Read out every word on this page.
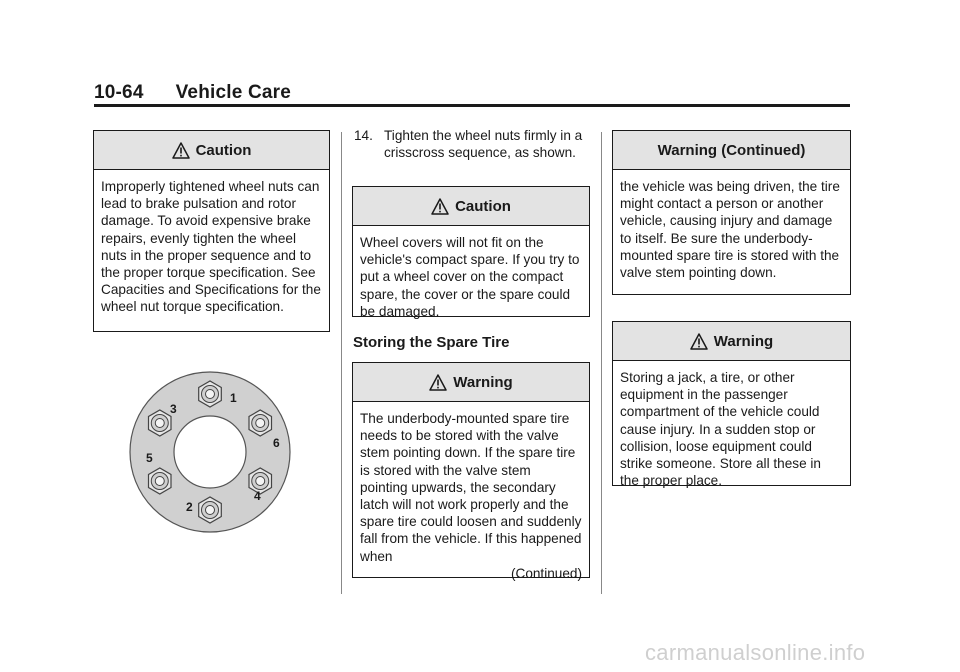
10-64 Vehicle Care
Caution
Improperly tightened wheel nuts can lead to brake pulsation and rotor damage. To avoid expensive brake repairs, evenly tighten the wheel nuts in the proper sequence and to the proper torque specification. See Capacities and Specifications for the wheel nut torque specification.
1
2
3
4
5
6
14. Tighten the wheel nuts firmly in a crisscross sequence, as shown.
Caution
Wheel covers will not fit on the vehicle's compact spare. If you try to put a wheel cover on the compact spare, the cover or the spare could be damaged.
Storing the Spare Tire
Warning
The underbody-mounted spare tire needs to be stored with the valve stem pointing down. If the spare tire is stored with the valve stem pointing upwards, the secondary latch will not work properly and the spare tire could loosen and suddenly fall from the vehicle. If this happened when
(Continued)
Warning (Continued)
the vehicle was being driven, the tire might contact a person or another vehicle, causing injury and damage to itself. Be sure the underbody-mounted spare tire is stored with the valve stem pointing down.
Warning
Storing a jack, a tire, or other equipment in the passenger compartment of the vehicle could cause injury. In a sudden stop or collision, loose equipment could strike someone. Store all these in the proper place.
carmanualsonline.info
